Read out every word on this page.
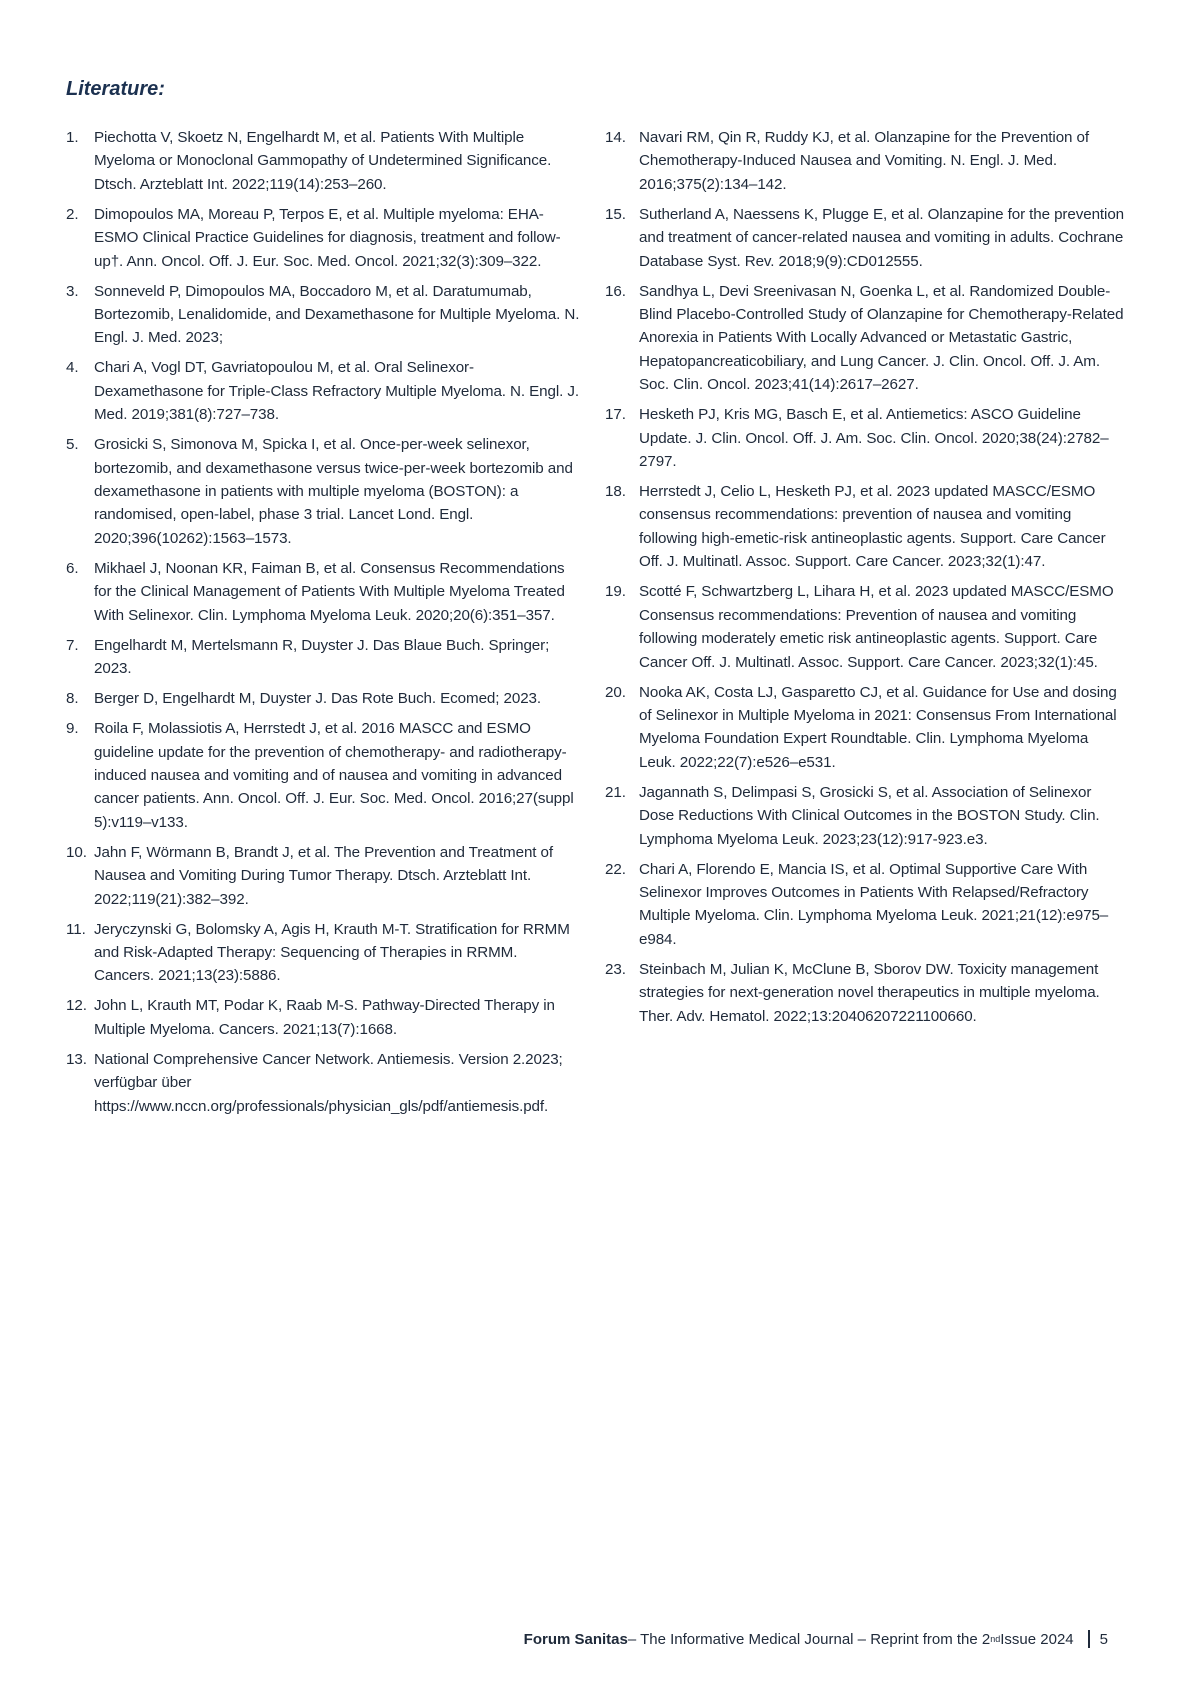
Literature:
1.	Piechotta V, Skoetz N, Engelhardt M, et al. Patients With Multiple Myeloma or Monoclonal Gammopathy of Undetermined Significance. Dtsch. Arzteblatt Int. 2022;119(14):253–260.
2.	Dimopoulos MA, Moreau P, Terpos E, et al. Multiple myeloma: EHA-ESMO Clinical Practice Guidelines for diagnosis, treatment and follow-up†. Ann. Oncol. Off. J. Eur. Soc. Med. Oncol. 2021;32(3):309–322.
3.	Sonneveld P, Dimopoulos MA, Boccadoro M, et al. Daratumumab, Bortezomib, Lenalidomide, and Dexamethasone for Multiple Myeloma. N. Engl. J. Med. 2023;
4.	Chari A, Vogl DT, Gavriatopoulou M, et al. Oral Selinexor-Dexamethasone for Triple-Class Refractory Multiple Myeloma. N. Engl. J. Med. 2019;381(8):727–738.
5.	Grosicki S, Simonova M, Spicka I, et al. Once-per-week selinexor, bortezomib, and dexamethasone versus twice-per-week bortezomib and dexamethasone in patients with multiple myeloma (BOSTON): a randomised, open-label, phase 3 trial. Lancet Lond. Engl. 2020;396(10262):1563–1573.
6.	Mikhael J, Noonan KR, Faiman B, et al. Consensus Recommendations for the Clinical Management of Patients With Multiple Myeloma Treated With Selinexor. Clin. Lymphoma Myeloma Leuk. 2020;20(6):351–357.
7.	Engelhardt M, Mertelsmann R, Duyster J. Das Blaue Buch. Springer; 2023.
8.	Berger D, Engelhardt M, Duyster J. Das Rote Buch. Ecomed; 2023.
9.	Roila F, Molassiotis A, Herrstedt J, et al. 2016 MASCC and ESMO guideline update for the prevention of chemotherapy- and radiotherapy-induced nausea and vomiting and of nausea and vomiting in advanced cancer patients. Ann. Oncol. Off. J. Eur. Soc. Med. Oncol. 2016;27(suppl 5):v119–v133.
10. Jahn F, Wörmann B, Brandt J, et al. The Prevention and Treatment of Nausea and Vomiting During Tumor Therapy. Dtsch. Arzteblatt Int. 2022;119(21):382–392.
11. Jeryczynski G, Bolomsky A, Agis H, Krauth M-T. Stratification for RRMM and Risk-Adapted Therapy: Sequencing of Therapies in RRMM. Cancers. 2021;13(23):5886.
12. John L, Krauth MT, Podar K, Raab M-S. Pathway-Directed Therapy in Multiple Myeloma. Cancers. 2021;13(7):1668.
13. National Comprehensive Cancer Network. Antiemesis. Version 2.2023; verfügbar über https://www.nccn.org/professionals/physician_gls/pdf/antiemesis.pdf.
14. Navari RM, Qin R, Ruddy KJ, et al. Olanzapine for the Prevention of Chemotherapy-Induced Nausea and Vomiting. N. Engl. J. Med. 2016;375(2):134–142.
15. Sutherland A, Naessens K, Plugge E, et al. Olanzapine for the prevention and treatment of cancer-related nausea and vomiting in adults. Cochrane Database Syst. Rev. 2018;9(9):CD012555.
16. Sandhya L, Devi Sreenivasan N, Goenka L, et al. Randomized Double-Blind Placebo-Controlled Study of Olanzapine for Chemotherapy-Related Anorexia in Patients With Locally Advanced or Metastatic Gastric, Hepatopancreaticobiliary, and Lung Cancer. J. Clin. Oncol. Off. J. Am. Soc. Clin. Oncol. 2023;41(14):2617–2627.
17. Hesketh PJ, Kris MG, Basch E, et al. Antiemetics: ASCO Guideline Update. J. Clin. Oncol. Off. J. Am. Soc. Clin. Oncol. 2020;38(24):2782–2797.
18. Herrstedt J, Celio L, Hesketh PJ, et al. 2023 updated MASCC/ESMO consensus recommendations: prevention of nausea and vomiting following high-emetic-risk antineoplastic agents. Support. Care Cancer Off. J. Multinatl. Assoc. Support. Care Cancer. 2023;32(1):47.
19. Scotté F, Schwartzberg L, Lihara H, et al. 2023 updated MASCC/ESMO Consensus recommendations: Prevention of nausea and vomiting following moderately emetic risk antineoplastic agents. Support. Care Cancer Off. J. Multinatl. Assoc. Support. Care Cancer. 2023;32(1):45.
20. Nooka AK, Costa LJ, Gasparetto CJ, et al. Guidance for Use and dosing of Selinexor in Multiple Myeloma in 2021: Consensus From International Myeloma Foundation Expert Roundtable. Clin. Lymphoma Myeloma Leuk. 2022;22(7):e526–e531.
21. Jagannath S, Delimpasi S, Grosicki S, et al. Association of Selinexor Dose Reductions With Clinical Outcomes in the BOSTON Study. Clin. Lymphoma Myeloma Leuk. 2023;23(12):917-923.e3.
22. Chari A, Florendo E, Mancia IS, et al. Optimal Supportive Care With Selinexor Improves Outcomes in Patients With Relapsed/Refractory Multiple Myeloma. Clin. Lymphoma Myeloma Leuk. 2021;21(12):e975–e984.
23. Steinbach M, Julian K, McClune B, Sborov DW. Toxicity management strategies for next-generation novel therapeutics in multiple myeloma. Ther. Adv. Hematol. 2022;13:20406207221100660.
Forum Sanitas – The Informative Medical Journal – Reprint from the 2 nd Issue 2024 5
